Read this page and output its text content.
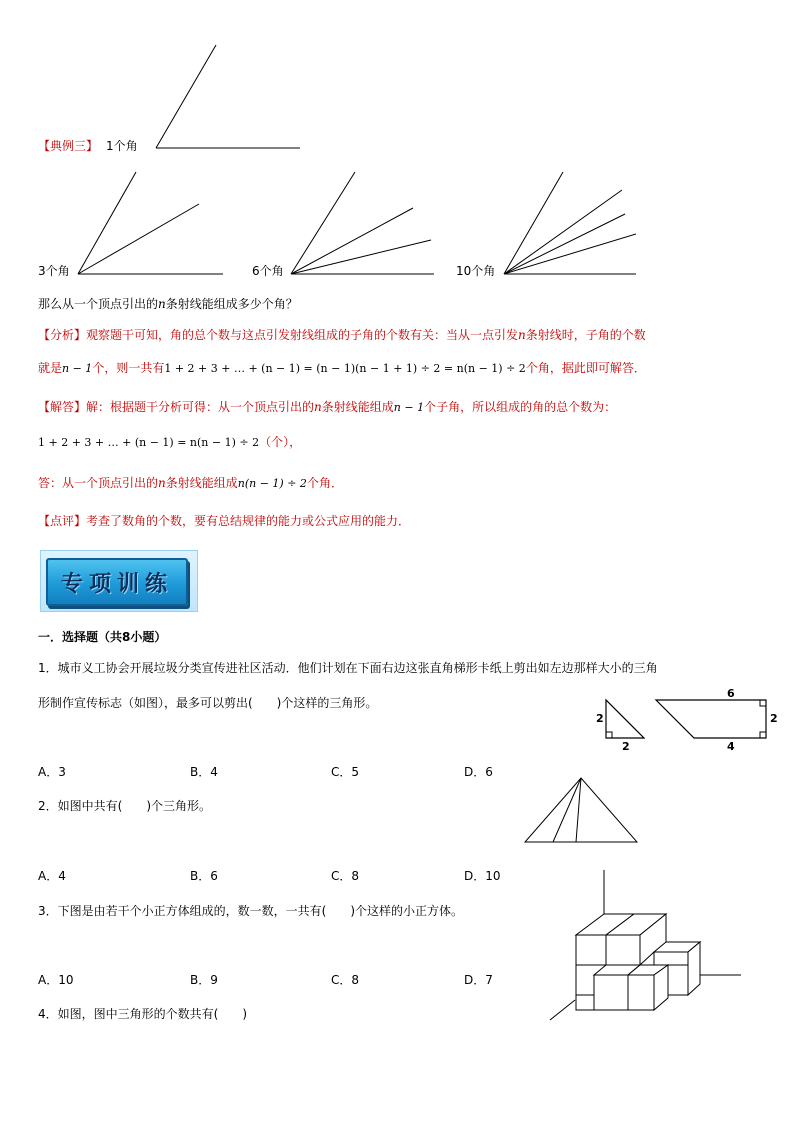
【典例三】 1个角
3个角	6个角	10个角
那么从一个顶点引出的n条射线能组成多少个角？
【分析】观察题干可知，角的总个数与这点引发射线组成的子角的个数有关：当从一点引发n条射线时，子角的个数
就是n − 1个，则一共有1 + 2 + 3 + … + (n − 1) = (n − 1)(n − 1 + 1) ÷ 2 = n(n − 1) ÷ 2个角，据此即可解答．
【解答】解：根据题干分析可得：从一个顶点引出的n条射线能组成n − 1个子角，所以组成的角的总个数为：
1 + 2 + 3 + … + (n − 1) = n(n − 1) ÷ 2（个），
答：从一个顶点引出的n条射线能组成n(n − 1) ÷ 2个角．
【点评】考查了数角的个数，要有总结规律的能力或公式应用的能力．
专项训练
一．选择题（共8小题）
1．城市义工协会开展垃圾分类宣传进社区活动．他们计划在下面右边这张直角梯形卡纸上剪出如左边那样大小的三角
形制作宣传标志（如图），最多可以剪出(　　)个这样的三角形。
2
2
6
2
4
A．3	B．4	C．5	D．6
2．如图中共有(　　)个三角形。
A．4	B．6	C．8	D．10
3．下图是由若干个小正方体组成的，数一数，一共有(　　)个这样的小正方体。
A．10	B．9	C．8	D．7
4．如图，图中三角形的个数共有(　　)
